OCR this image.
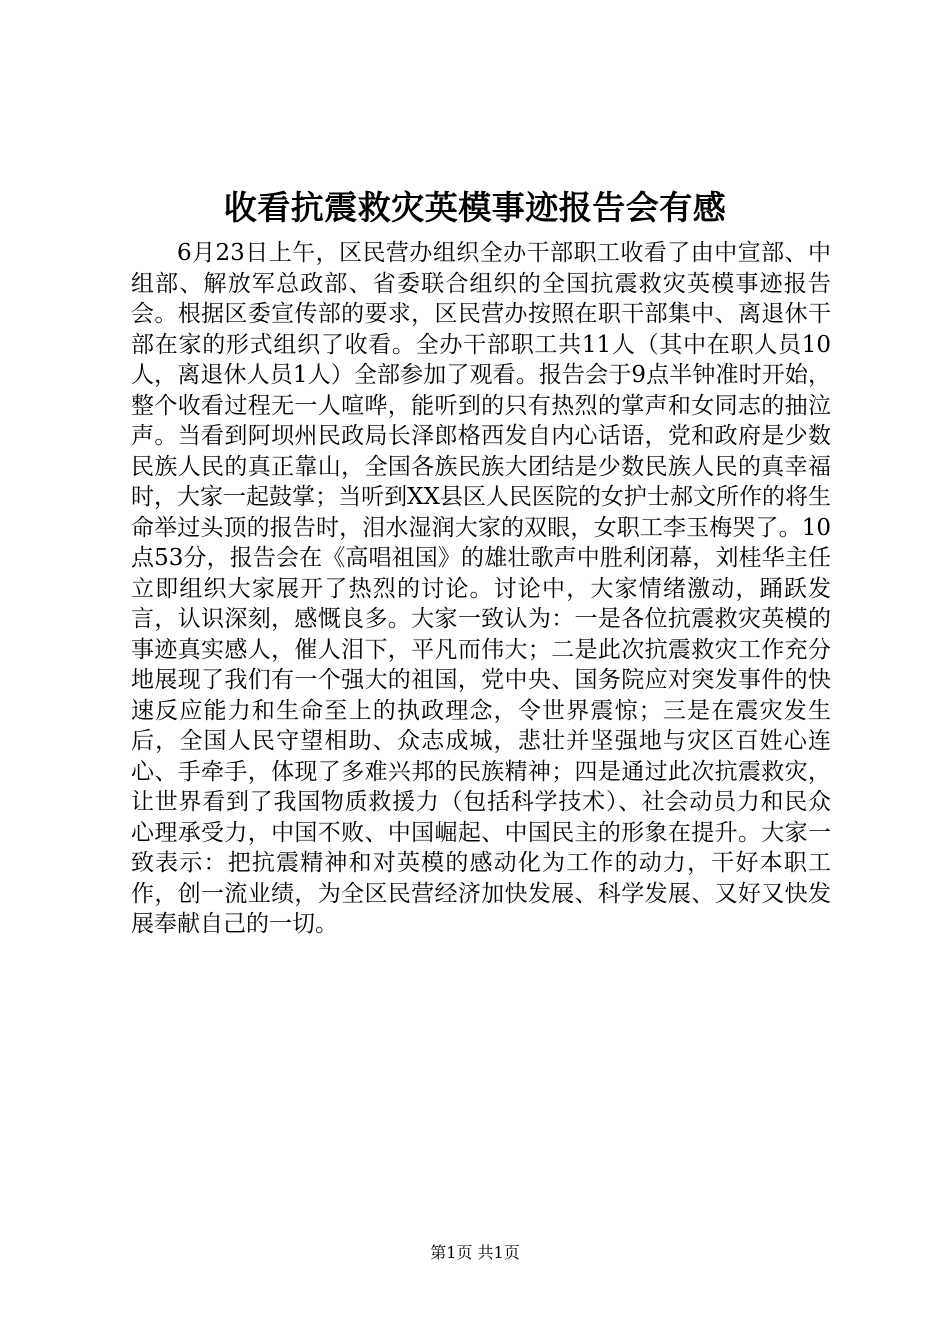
收看抗震救灾英模事迹报告会有感

6月23日上午，区民营办组织全办干部职工收看了由中宣部、中组部、解放军总政部、省委联合组织的全国抗震救灾英模事迹报告会。根据区委宣传部的要求，区民营办按照在职干部集中、离退休干部在家的形式组织了收看。全办干部职工共11人（其中在职人员10人，离退休人员1人）全部参加了观看。报告会于9点半钟准时开始，整个收看过程无一人喧哗，能听到的只有热烈的掌声和女同志的抽泣声。当看到阿坝州民政局长泽郎格西发自内心话语，党和政府是少数民族人民的真正靠山，全国各族民族大团结是少数民族人民的真幸福时，大家一起鼓掌；当听到XX县区人民医院的女护士郝文所作的将生命举过头顶的报告时，泪水湿润大家的双眼，女职工李玉梅哭了。10点53分，报告会在《高唱祖国》的雄壮歌声中胜利闭幕，刘桂华主任立即组织大家展开了热烈的讨论。讨论中，大家情绪激动，踊跃发言，认识深刻，感慨良多。大家一致认为：一是各位抗震救灾英模的事迹真实感人，催人泪下，平凡而伟大；二是此次抗震救灾工作充分地展现了我们有一个强大的祖国，党中央、国务院应对突发事件的快速反应能力和生命至上的执政理念，令世界震惊；三是在震灾发生后，全国人民守望相助、众志成城，悲壮并坚强地与灾区百姓心连心、手牵手，体现了多难兴邦的民族精神；四是通过此次抗震救灾，让世界看到了我国物质救援力（包括科学技术）、社会动员力和民众心理承受力，中国不败、中国崛起、中国民主的形象在提升。大家一致表示：把抗震精神和对英模的感动化为工作的动力，干好本职工作，创一流业绩，为全区民营经济加快发展、科学发展、又好又快发展奉献自己的一切。

第1页 共1页
